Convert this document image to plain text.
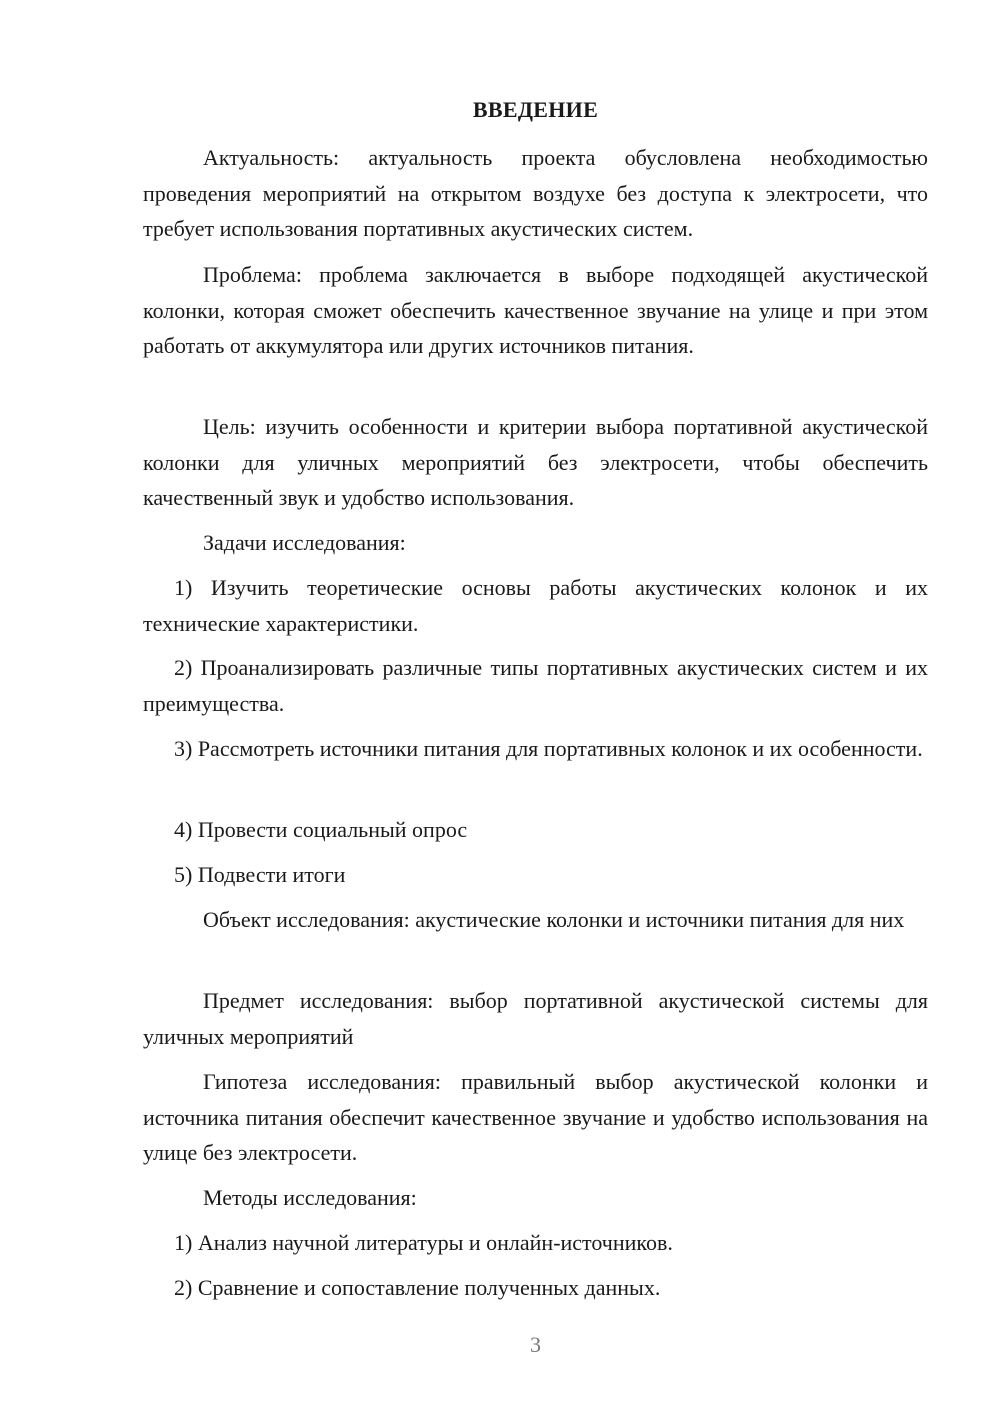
ВВЕДЕНИЕ

Актуальность: актуальность проекта обусловлена необходимостью проведения мероприятий на открытом воздухе без доступа к электросети, что требует использования портативных акустических систем.

Проблема: проблема заключается в выборе подходящей акустической колонки, которая сможет обеспечить качественное звучание на улице и при этом работать от аккумулятора или других источников питания.

Цель: изучить особенности и критерии выбора портативной акустической колонки для уличных мероприятий без электросети, чтобы обеспечить качественный звук и удобство использования.

Задачи исследования:

1) Изучить теоретические основы работы акустических колонок и их технические характеристики.

2) Проанализировать различные типы портативных акустических систем и их преимущества.

3) Рассмотреть источники питания для портативных колонок и их особенности.

4) Провести социальный опрос

5) Подвести итоги

Объект исследования: акустические колонки и источники питания для них

Предмет исследования: выбор портативной акустической системы для уличных мероприятий

Гипотеза исследования: правильный выбор акустической колонки и источника питания обеспечит качественное звучание и удобство использования на улице без электросети.

Методы исследования:

1) Анализ научной литературы и онлайн-источников.

2) Сравнение и сопоставление полученных данных.

3
